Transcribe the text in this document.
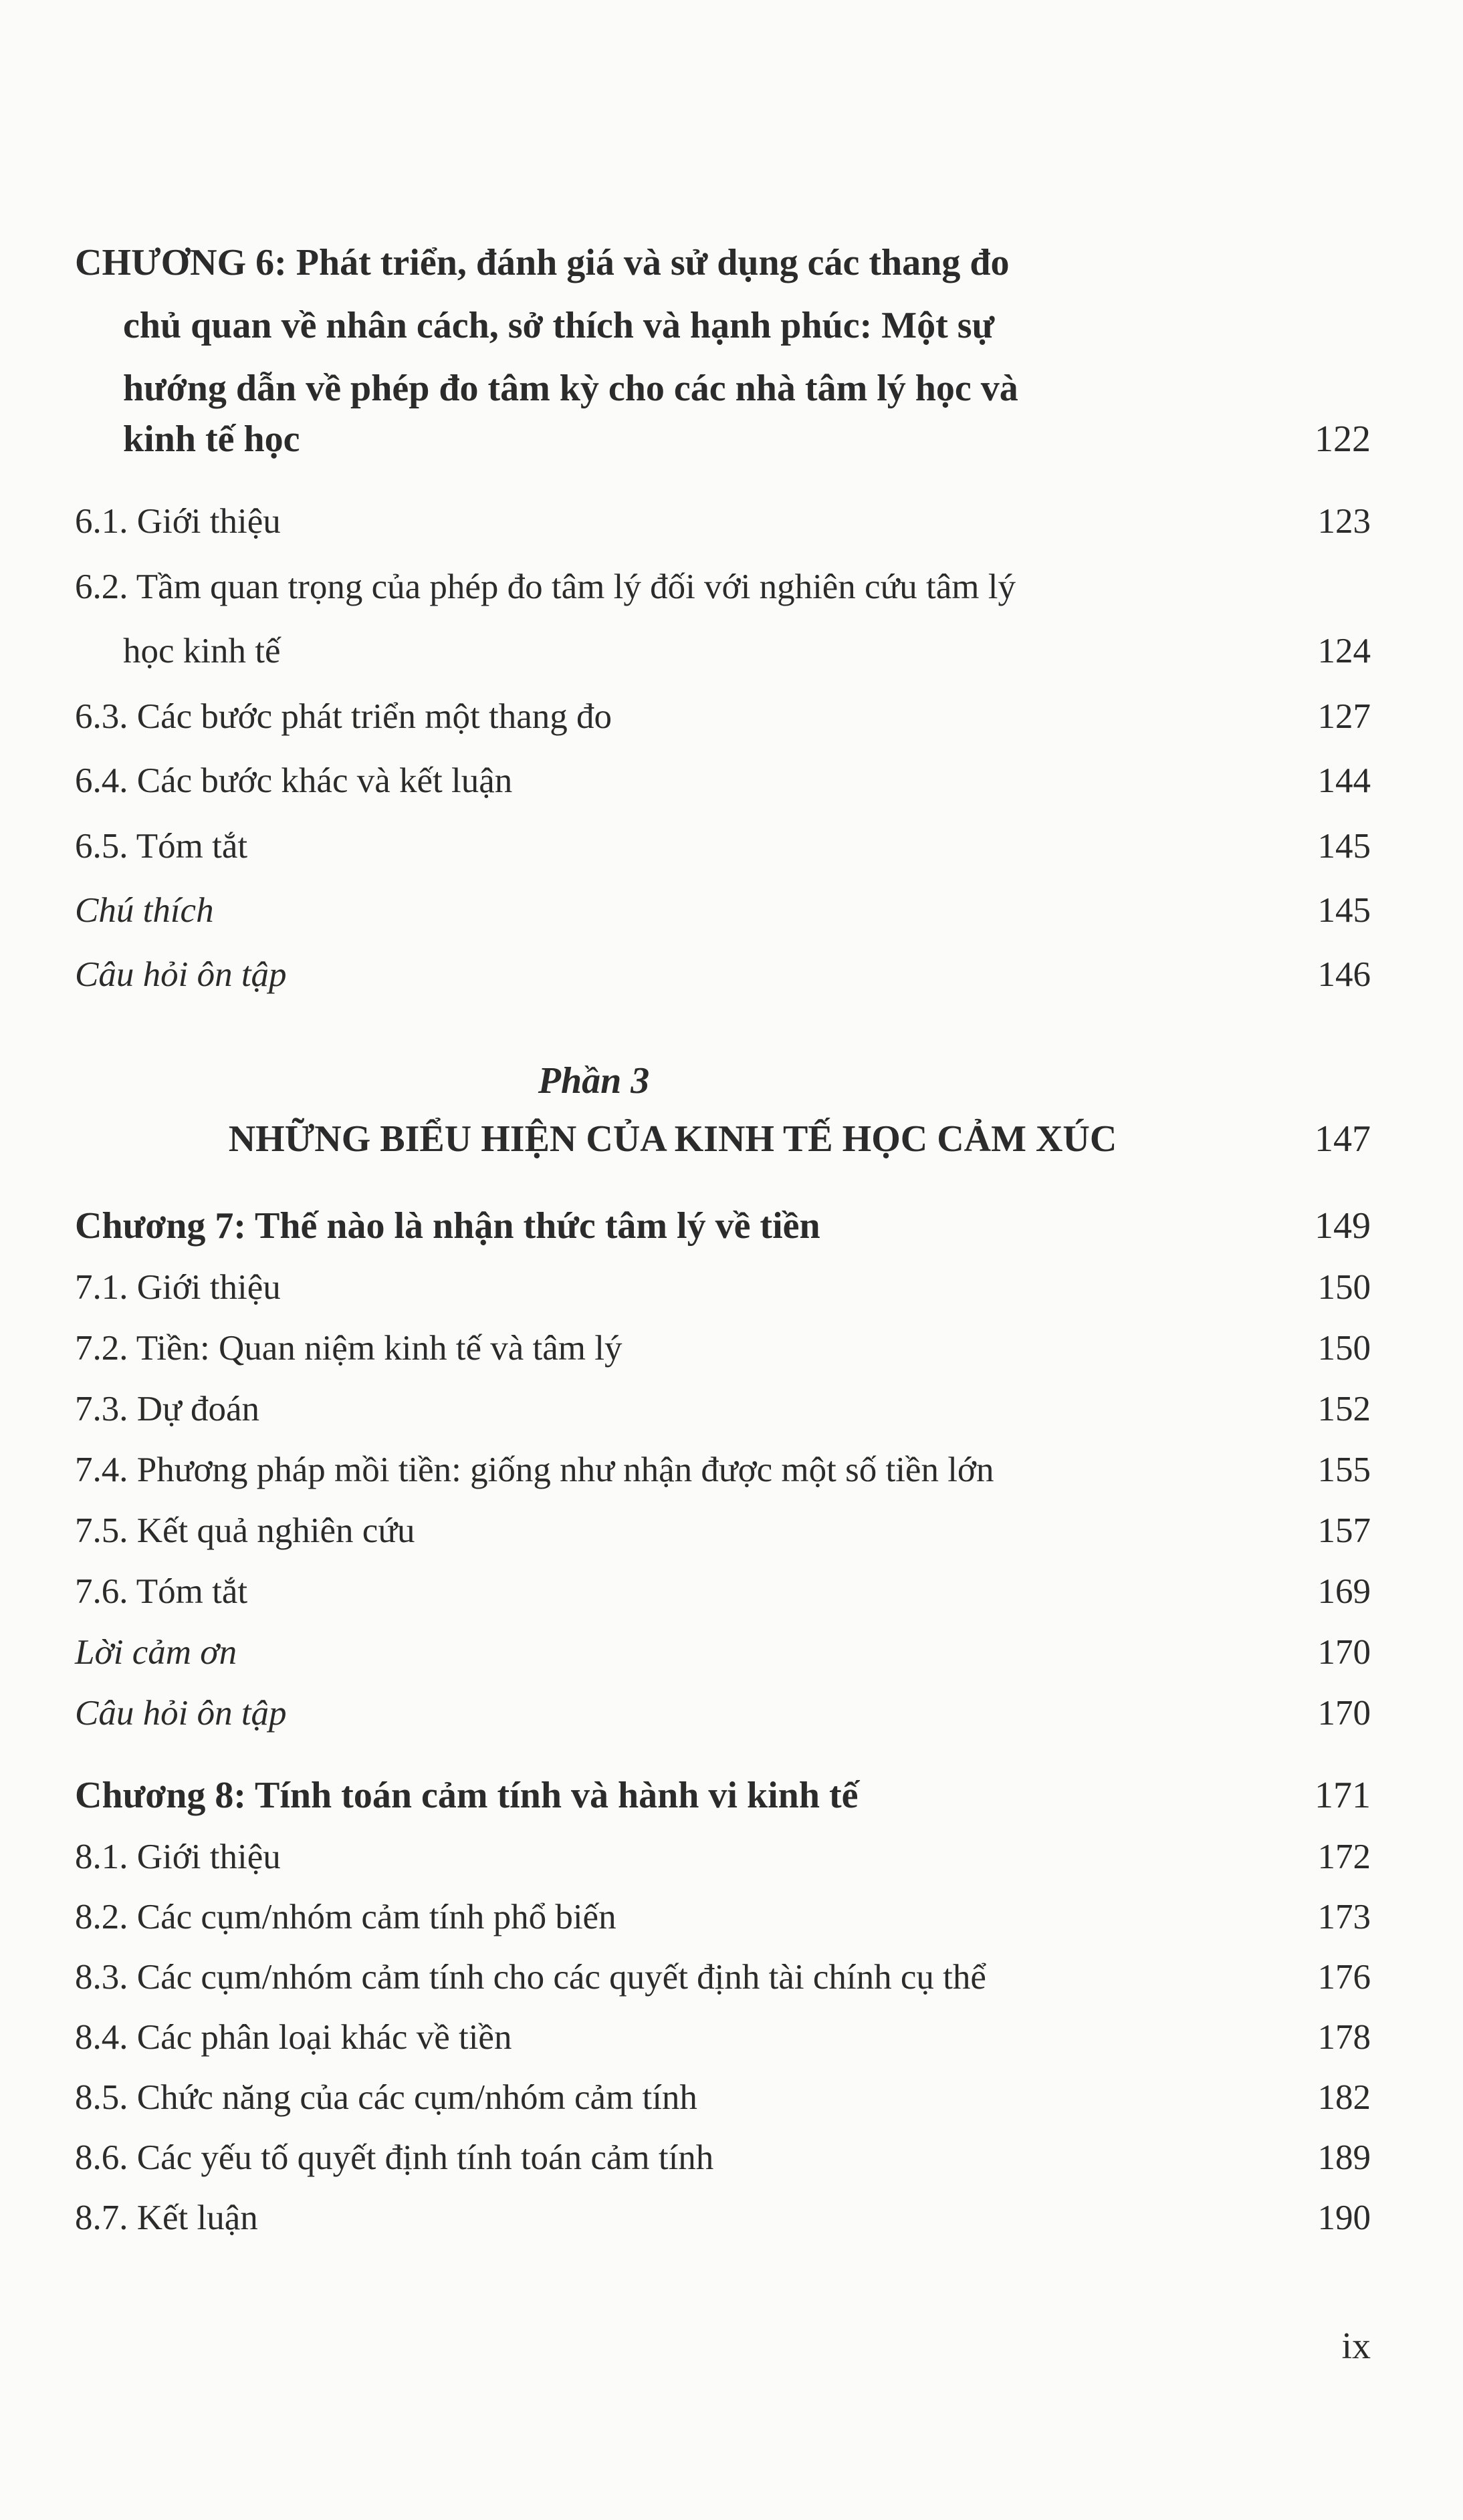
CHƯƠNG 6: Phát triển, đánh giá và sử dụng các thang đo
chủ quan về nhân cách, sở thích và hạnh phúc: Một sự
hướng dẫn về phép đo tâm kỳ cho các nhà tâm lý học và
kinh tế học	122
6.1. Giới thiệu	123
6.2. Tầm quan trọng của phép đo tâm lý đối với nghiên cứu tâm lý
học kinh tế	124
6.3. Các bước phát triển một thang đo	127
6.4. Các bước khác và kết luận	144
6.5. Tóm tắt	145
Chú thích	145
Câu hỏi ôn tập	146
Phần 3
NHỮNG BIỂU HIỆN CỦA KINH TẾ HỌC CẢM XÚC	147
Chương 7: Thế nào là nhận thức tâm lý về tiền	149
7.1. Giới thiệu	150
7.2. Tiền: Quan niệm kinh tế và tâm lý	150
7.3. Dự đoán	152
7.4. Phương pháp mồi tiền: giống như nhận được một số tiền lớn	155
7.5. Kết quả nghiên cứu	157
7.6. Tóm tắt	169
Lời cảm ơn	170
Câu hỏi ôn tập	170
Chương 8: Tính toán cảm tính và hành vi kinh tế	171
8.1. Giới thiệu	172
8.2. Các cụm/nhóm cảm tính phổ biến	173
8.3. Các cụm/nhóm cảm tính cho các quyết định tài chính cụ thể	176
8.4. Các phân loại khác về tiền	178
8.5. Chức năng của các cụm/nhóm cảm tính	182
8.6. Các yếu tố quyết định tính toán cảm tính	189
8.7. Kết luận	190
ix
